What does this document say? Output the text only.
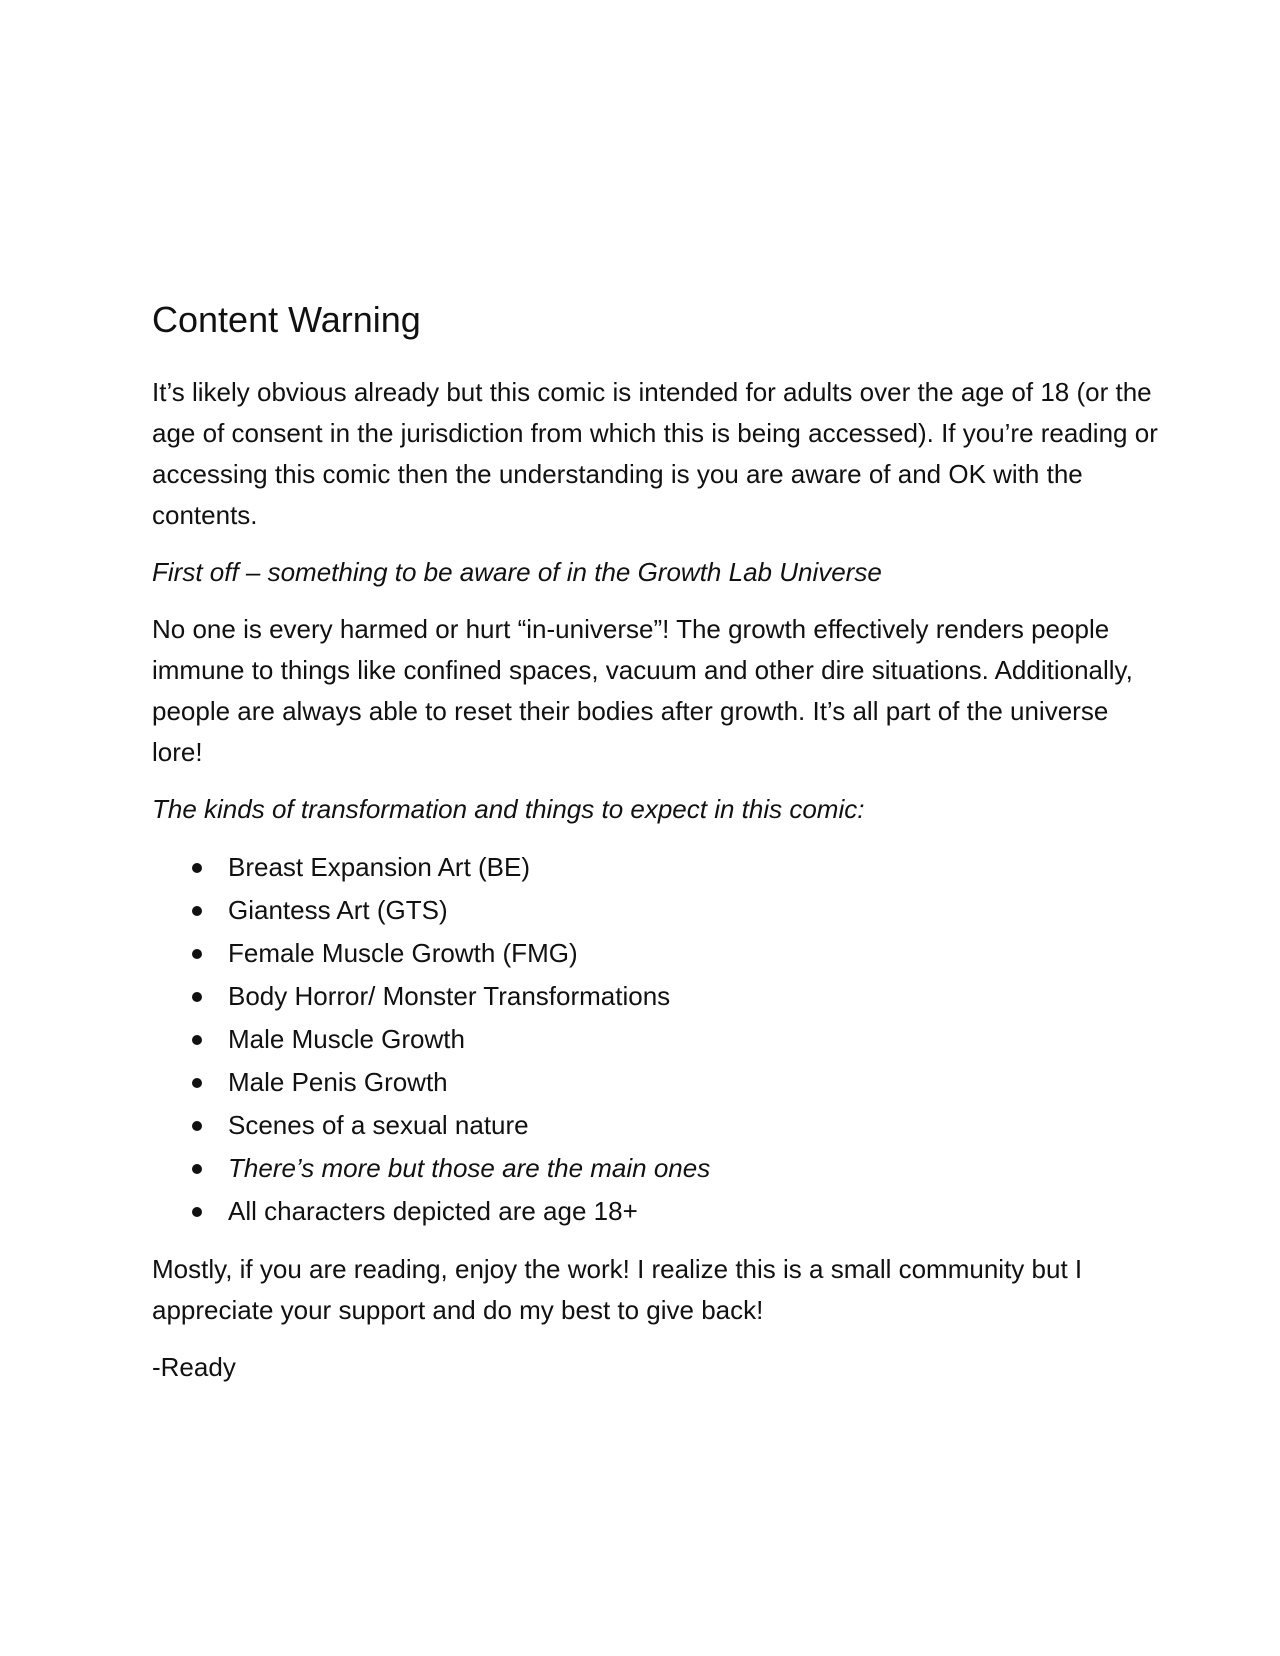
Content Warning

It’s likely obvious already but this comic is intended for adults over the age of 18 (or the age of consent in the jurisdiction from which this is being accessed). If you’re reading or accessing this comic then the understanding is you are aware of and OK with the contents.

First off – something to be aware of in the Growth Lab Universe

No one is every harmed or hurt “in-universe”! The growth effectively renders people immune to things like confined spaces, vacuum and other dire situations. Additionally, people are always able to reset their bodies after growth. It’s all part of the universe lore!

The kinds of transformation and things to expect in this comic:

Breast Expansion Art (BE)
Giantess Art (GTS)
Female Muscle Growth (FMG)
Body Horror/ Monster Transformations
Male Muscle Growth
Male Penis Growth
Scenes of a sexual nature
There’s more but those are the main ones
All characters depicted are age 18+

Mostly, if you are reading, enjoy the work! I realize this is a small community but I appreciate your support and do my best to give back!

-Ready
